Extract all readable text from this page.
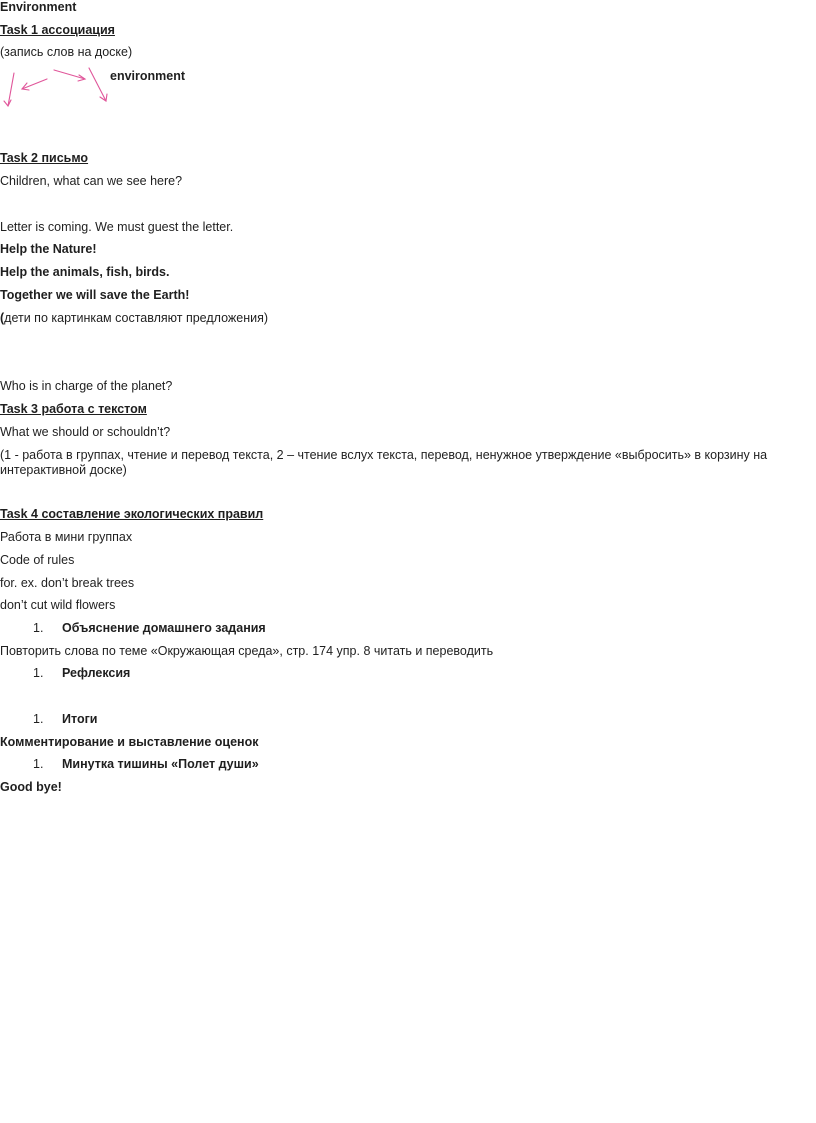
Environment

Task 1 ассоциация

(запись слов на доске)

environment

Task 2 письмо

Children, what can we see here?

Letter is coming. We must guest the letter.

Help the Nature!

Help the animals, fish, birds.

Together we will save the Earth!

(дети по картинкам составляют предложения)

Who is in charge of the planet?

Task 3 работа с текстом

What we should or schouldn’t?

(1 - работа в группах, чтение и перевод текста, 2 – чтение вслух текста, перевод, ненужное утверждение «выбросить» в корзину на интерактивной доске)

Task 4 составление экологических правил

Работа в мини группах

Code of rules

for. ex. don’t break trees

don’t cut wild flowers

1. Объяснение домашнего задания

Повторить слова по теме «Окружающая среда», стр. 174 упр. 8 читать и переводить

1. Рефлексия
1. Итоги

Комментирование и выставление оценок

1. Минутка тишины «Полет души»

Good bye!
